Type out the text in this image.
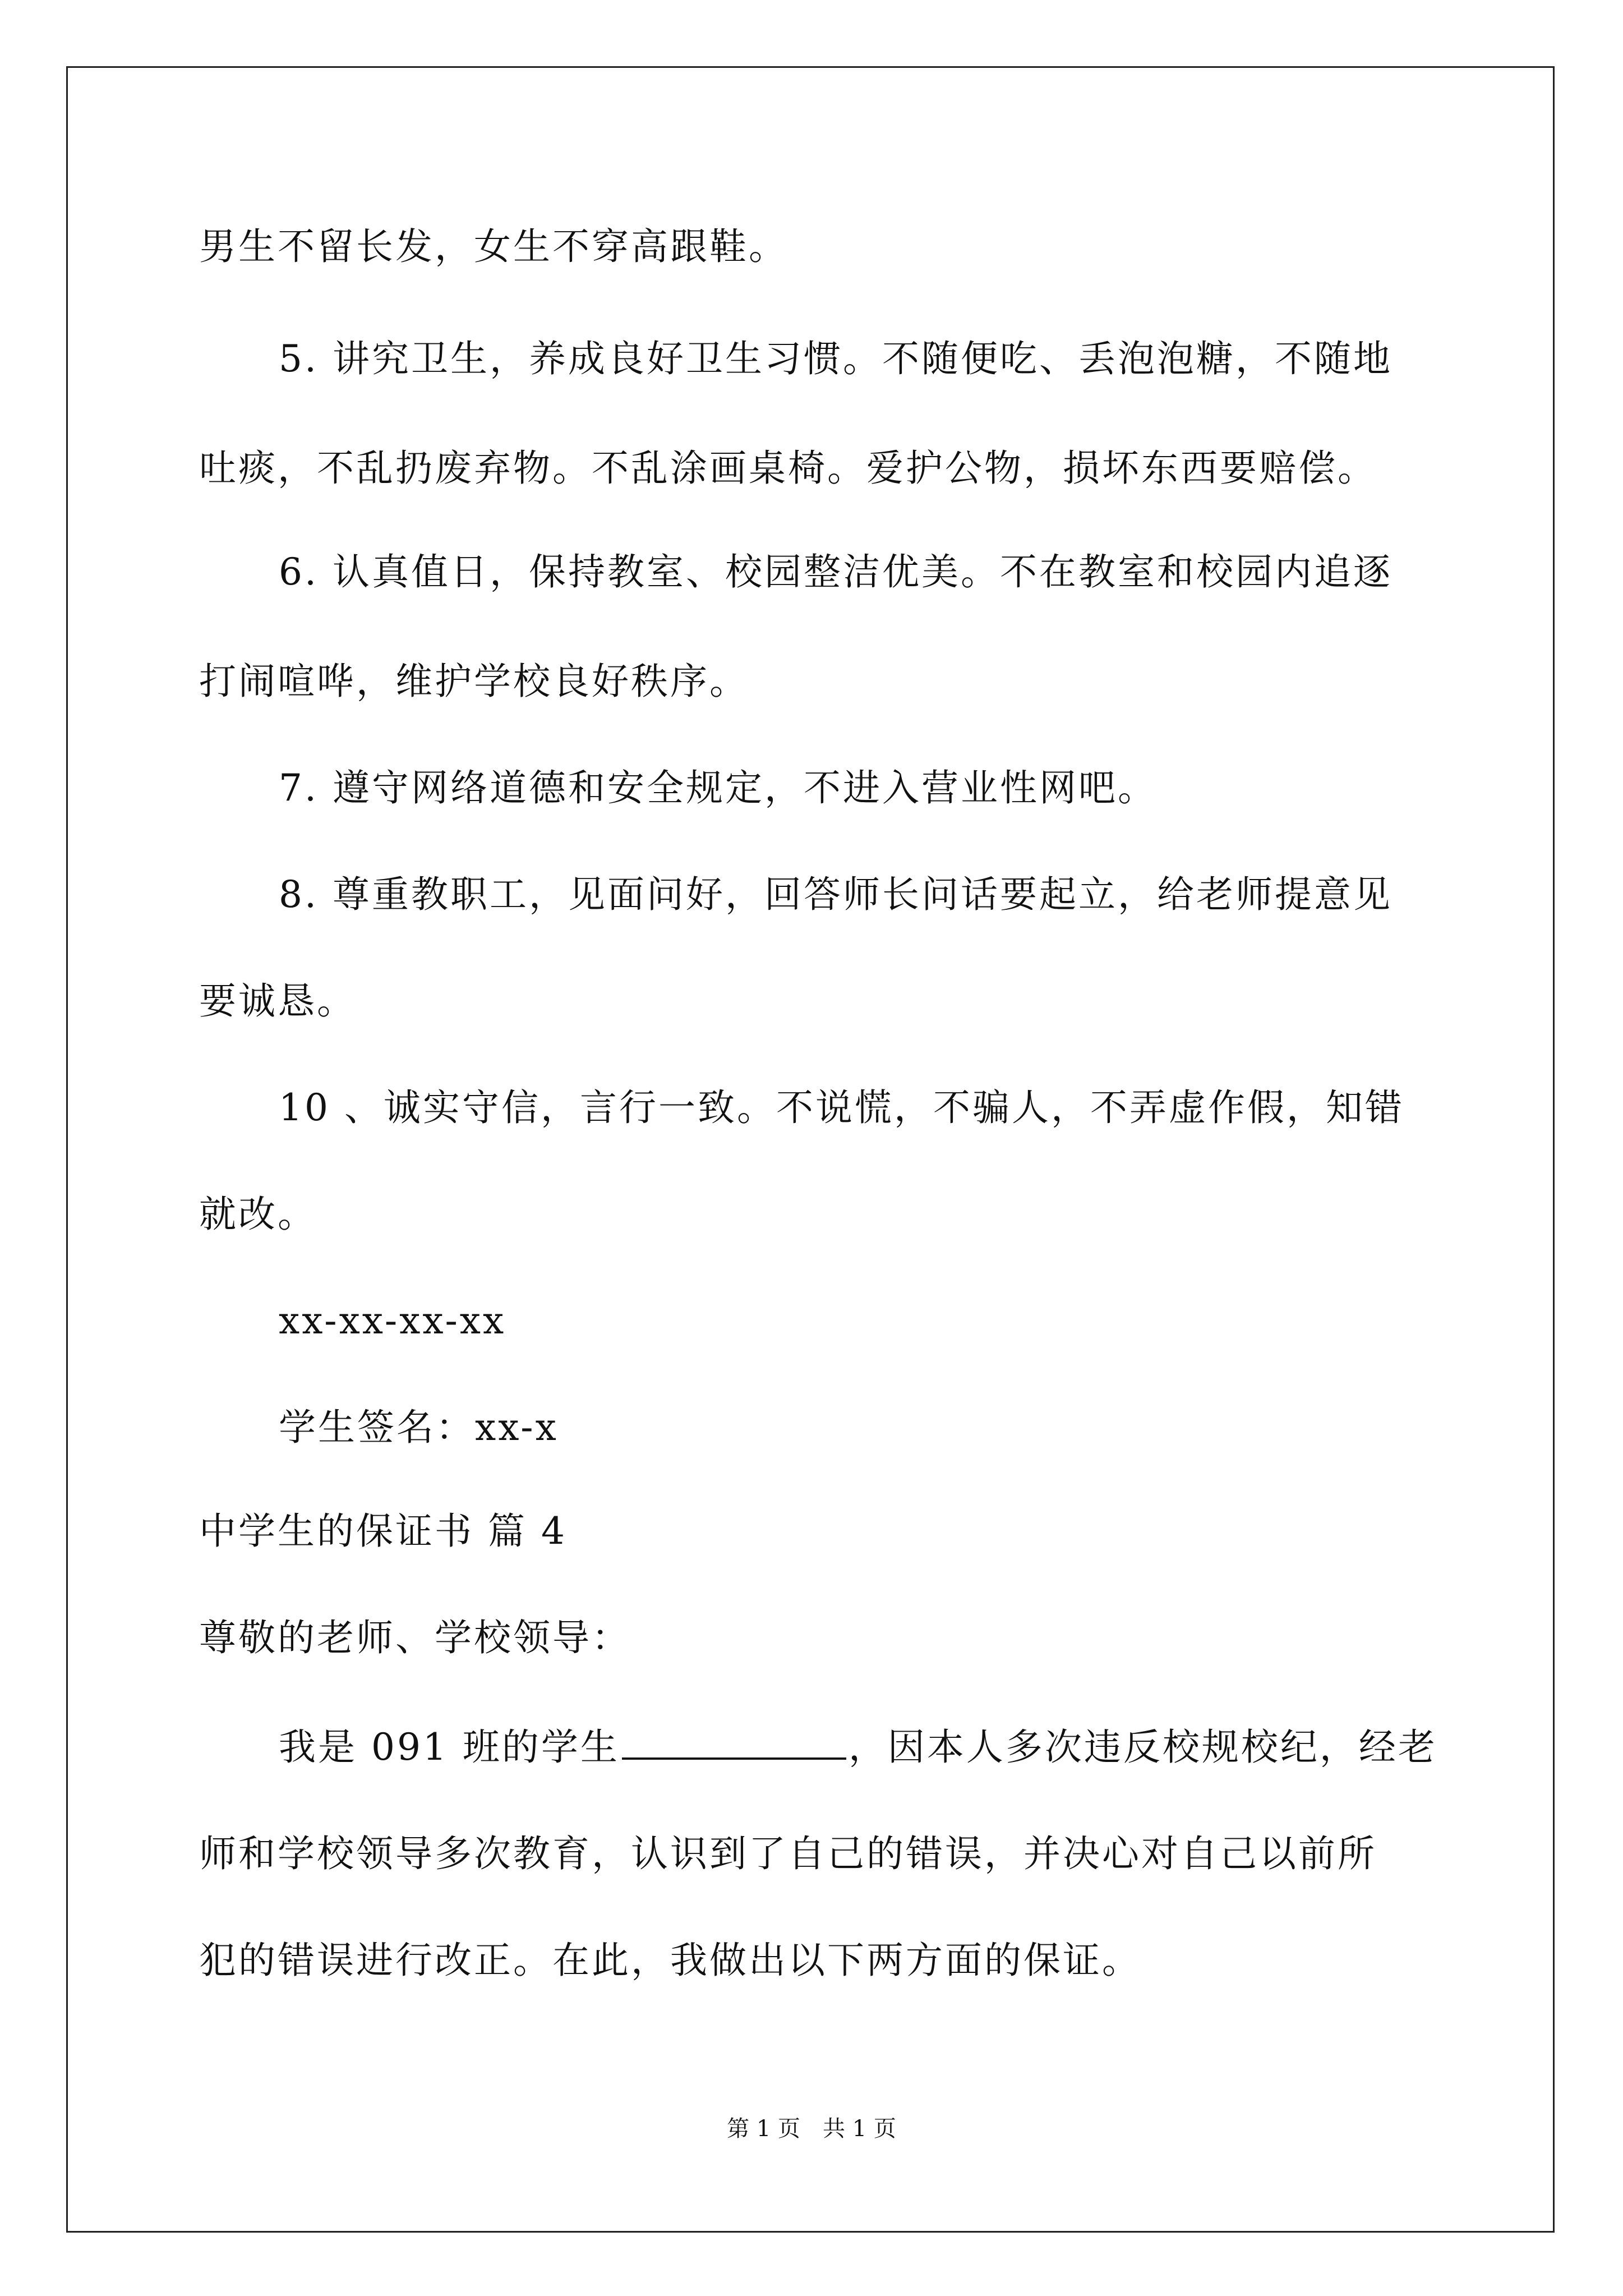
男生不留长发，女生不穿高跟鞋。
5. 讲究卫生，养成良好卫生习惯。不随便吃、丢泡泡糖，不随地
吐痰，不乱扔废弃物。不乱涂画桌椅。爱护公物，损坏东西要赔偿。
6. 认真值日，保持教室、校园整洁优美。不在教室和校园内追逐
打闹喧哗，维护学校良好秩序。
7. 遵守网络道德和安全规定，不进入营业性网吧。
8. 尊重教职工，见面问好，回答师长问话要起立，给老师提意见
要诚恳。
10 、诚实守信，言行一致。不说慌，不骗人，不弄虚作假，知错
就改。
xx-xx-xx-xx
学生签名：xx-x
中学生的保证书 篇 4
尊敬的老师、学校领导：
我是 091 班的学生	，因本人多次违反校规校纪，经老
师和学校领导多次教育，认识到了自己的错误，并决心对自己以前所
犯的错误进行改正。在此，我做出以下两方面的保证。
第 1 页　共 1 页
